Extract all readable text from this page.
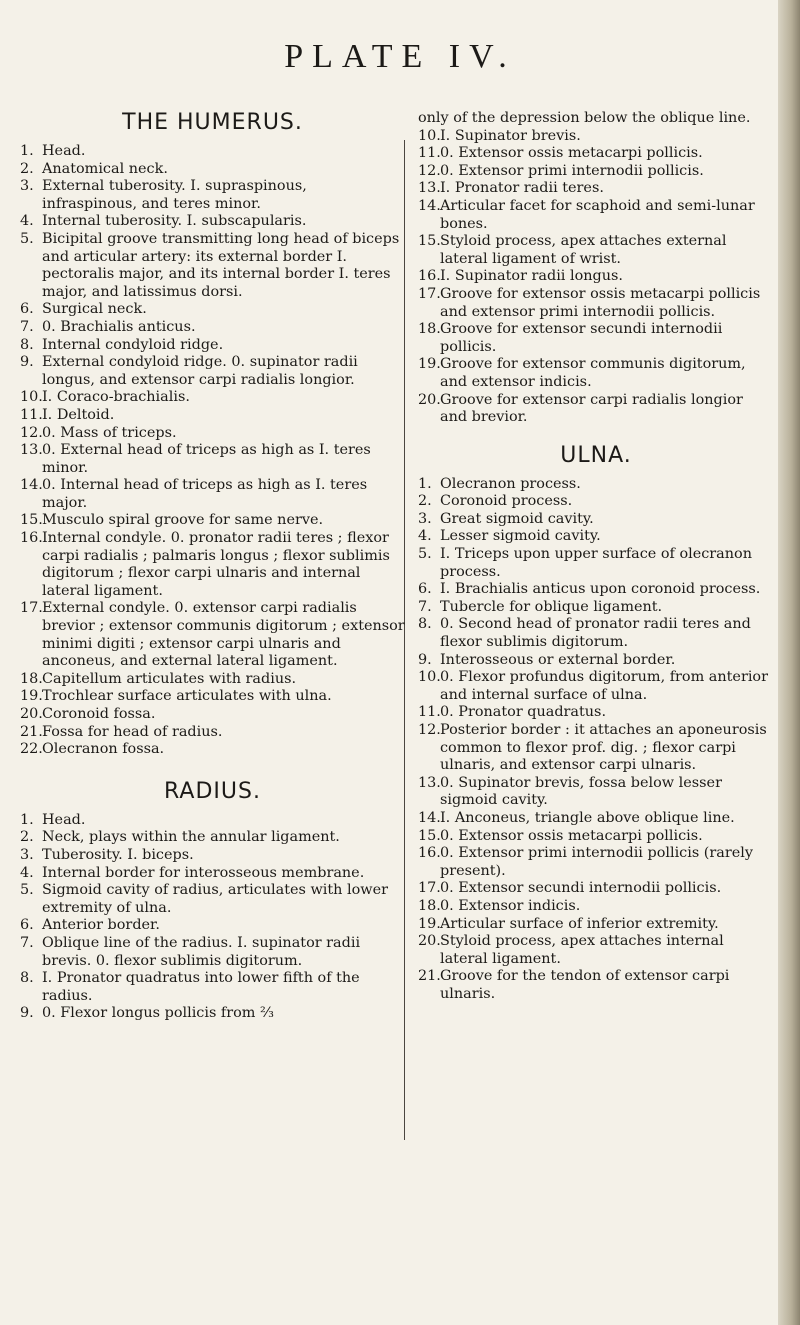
PLATE IV.
THE HUMERUS.
1. Head.
2. Anatomical neck.
3. External tuberosity. I. supraspinous, infraspinous, and teres minor.
4. Internal tuberosity. I. subscapularis.
5. Bicipital groove transmitting long head of biceps and articular artery: its external border I. pectoralis major, and its internal border I. teres major, and latissimus dorsi.
6. Surgical neck.
7. 0. Brachialis anticus.
8. Internal condyloid ridge.
9. External condyloid ridge. 0. supinator radii longus, and extensor carpi radialis longior.
10. I. Coraco-brachialis.
11. I. Deltoid.
12. 0. Mass of triceps.
13. 0. External head of triceps as high as I. teres minor.
14. 0. Internal head of triceps as high as I. teres major.
15. Musculo spiral groove for same nerve.
16. Internal condyle. 0. pronator radii teres ; flexor carpi radialis ; palmaris longus ; flexor sublimis digitorum ; flexor carpi ulnaris and internal lateral ligament.
17. External condyle. 0. extensor carpi radialis brevior ; extensor communis digitorum ; extensor minimi digiti ; extensor carpi ulnaris and anconeus, and external lateral ligament.
18. Capitellum articulates with radius.
19. Trochlear surface articulates with ulna.
20. Coronoid fossa.
21. Fossa for head of radius.
22. Olecranon fossa.
RADIUS.
1. Head.
2. Neck, plays within the annular ligament.
3. Tuberosity. I. biceps.
4. Internal border for interosseous membrane.
5. Sigmoid cavity of radius, articulates with lower extremity of ulna.
6. Anterior border.
7. Oblique line of the radius. I. supinator radii brevis. 0. flexor sublimis digitorum.
8. I. Pronator quadratus into lower fifth of the radius.
9. 0. Flexor longus pollicis from ⅔
only of the depression below the oblique line.
10. I. Supinator brevis.
11. 0. Extensor ossis metacarpi pollicis.
12. 0. Extensor primi internodii pollicis.
13. I. Pronator radii teres.
14. Articular facet for scaphoid and semi-lunar bones.
15. Styloid process, apex attaches external lateral ligament of wrist.
16. I. Supinator radii longus.
17. Groove for extensor ossis metacarpi pollicis and extensor primi internodii pollicis.
18. Groove for extensor secundi internodii pollicis.
19. Groove for extensor communis digitorum, and extensor indicis.
20. Groove for extensor carpi radialis longior and brevior.
ULNA.
1. Olecranon process.
2. Coronoid process.
3. Great sigmoid cavity.
4. Lesser sigmoid cavity.
5. I. Triceps upon upper surface of olecranon process.
6. I. Brachialis anticus upon coronoid process.
7. Tubercle for oblique ligament.
8. 0. Second head of pronator radii teres and flexor sublimis digitorum.
9. Interosseous or external border.
10. 0. Flexor profundus digitorum, from anterior and internal surface of ulna.
11. 0. Pronator quadratus.
12. Posterior border : it attaches an aponeurosis common to flexor prof. dig. ; flexor carpi ulnaris, and extensor carpi ulnaris.
13. 0. Supinator brevis, fossa below lesser sigmoid cavity.
14. I. Anconeus, triangle above oblique line.
15. 0. Extensor ossis metacarpi pollicis.
16. 0. Extensor primi internodii pollicis (rarely present).
17. 0. Extensor secundi internodii pollicis.
18. 0. Extensor indicis.
19. Articular surface of inferior extremity.
20. Styloid process, apex attaches internal lateral ligament.
21. Groove for the tendon of extensor carpi ulnaris.
